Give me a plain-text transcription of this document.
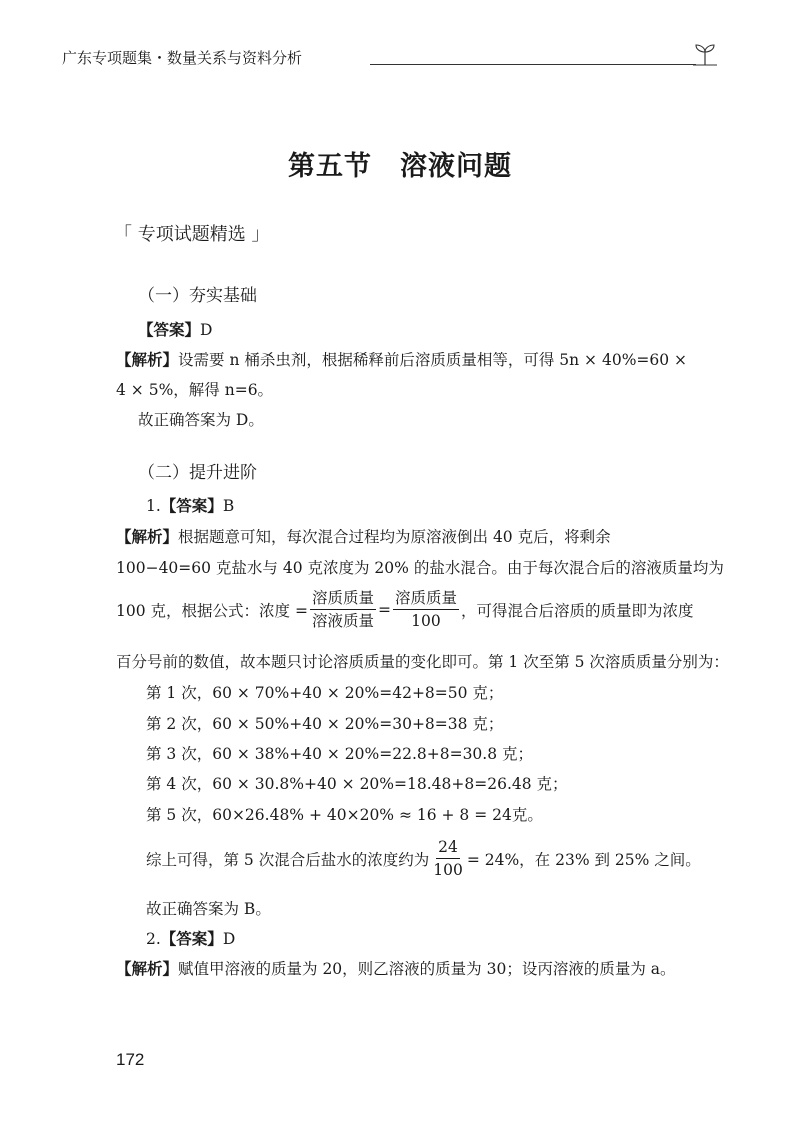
广东专项题集・数量关系与资料分析
第五节　溶液问题
「 专项试题精选 」
（一）夯实基础
【答案】D
【解析】设需要 n 桶杀虫剂，根据稀释前后溶质质量相等，可得 5n × 40%=60 ×
4 × 5%，解得 n=6。
故正确答案为 D。
（二）提升进阶
1.【答案】B
【解析】根据题意可知，每次混合过程均为原溶液倒出 40 克后，将剩余
100−40=60 克盐水与 40 克浓度为 20% 的盐水混合。由于每次混合后的溶液质量均为
100 克，根据公式：浓度 = $\frac{\text{溶质质量}}{\text{溶液质量}} = \frac{\text{溶质质量}}{100}$ ，可得混合后溶质的质量即为浓度
百分号前的数值，故本题只讨论溶质质量的变化即可。第 1 次至第 5 次溶质质量分别为：
第 1 次，60 × 70%+40 × 20%=42+8=50 克；
第 2 次，60 × 50%+40 × 20%=30+8=38 克；
第 3 次，60 × 38%+40 × 20%=22.8+8=30.8 克；
第 4 次，60 × 30.8%+40 × 20%=18.48+8=26.48 克；
第 5 次，60×26.48% + 40×20% ≈ 16 + 8 = 24克。
综上可得，第 5 次混合后盐水的浓度约为 $\frac{24}{100} = 24\%$，在 23% 到 25% 之间。
故正确答案为 B。
2.【答案】D
【解析】赋值甲溶液的质量为 20，则乙溶液的质量为 30；设丙溶液的质量为 a。
172
